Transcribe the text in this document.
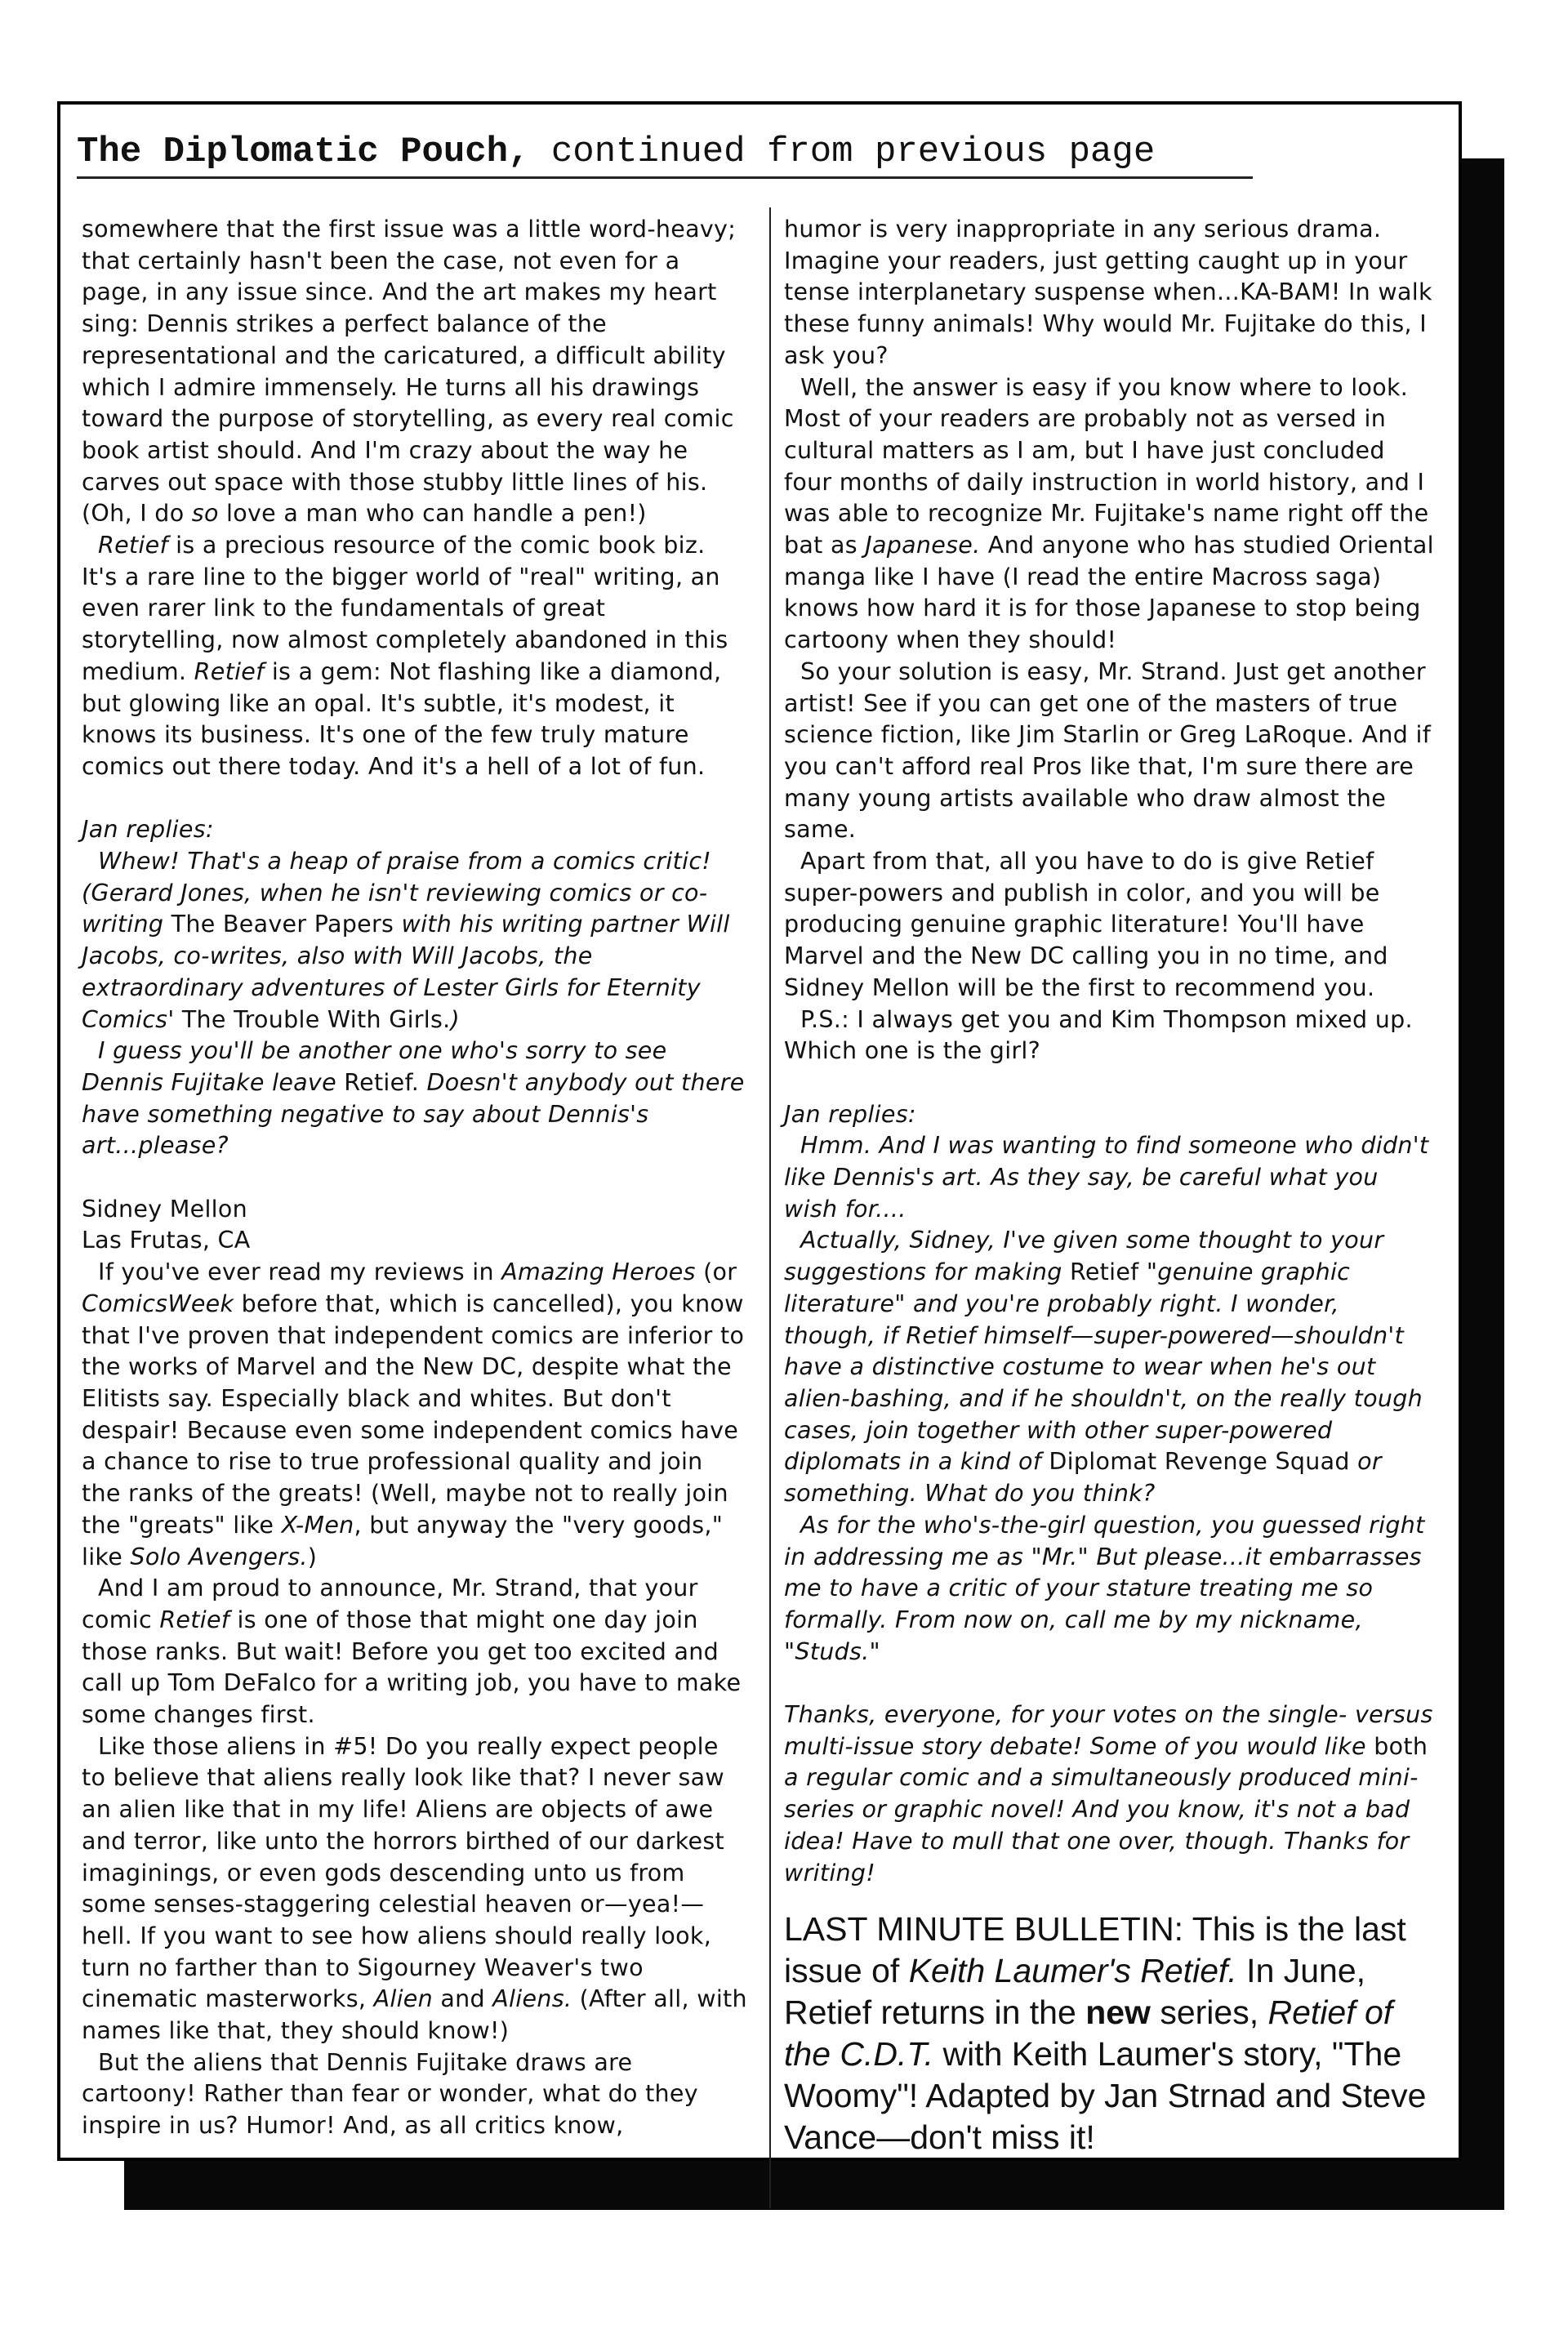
The Diplomatic Pouch, continued from previous page

somewhere that the first issue was a little word-heavy; that certainly hasn't been the case, not even for a page, in any issue since. And the art makes my heart sing: Dennis strikes a perfect balance of the representational and the caricatured, a difficult ability which I admire immensely. He turns all his drawings toward the purpose of storytelling, as every real comic book artist should. And I'm crazy about the way he carves out space with those stubby little lines of his. (Oh, I do so love a man who can handle a pen!)

Retief is a precious resource of the comic book biz. It's a rare line to the bigger world of "real" writing, an even rarer link to the fundamentals of great storytelling, now almost completely abandoned in this medium. Retief is a gem: Not flashing like a diamond, but glowing like an opal. It's subtle, it's modest, it knows its business. It's one of the few truly mature comics out there today. And it's a hell of a lot of fun.

Jan replies:

Whew! That's a heap of praise from a comics critic! (Gerard Jones, when he isn't reviewing comics or co-writing The Beaver Papers with his writing partner Will Jacobs, co-writes, also with Will Jacobs, the extraordinary adventures of Lester Girls for Eternity Comics' The Trouble With Girls.)

I guess you'll be another one who's sorry to see Dennis Fujitake leave Retief. Doesn't anybody out there have something negative to say about Dennis's art...please?

Sidney Mellon

Las Frutas, CA

If you've ever read my reviews in Amazing Heroes (or ComicsWeek before that, which is cancelled), you know that I've proven that independent comics are inferior to the works of Marvel and the New DC, despite what the Elitists say. Especially black and whites. But don't despair! Because even some independent comics have a chance to rise to true professional quality and join the ranks of the greats! (Well, maybe not to really join the "greats" like X-Men, but anyway the "very goods," like Solo Avengers.)

And I am proud to announce, Mr. Strand, that your comic Retief is one of those that might one day join those ranks. But wait! Before you get too excited and call up Tom DeFalco for a writing job, you have to make some changes first.

Like those aliens in #5! Do you really expect people to believe that aliens really look like that? I never saw an alien like that in my life! Aliens are objects of awe and terror, like unto the horrors birthed of our darkest imaginings, or even gods descending unto us from some senses-staggering celestial heaven or—yea!—hell. If you want to see how aliens should really look, turn no farther than to Sigourney Weaver's two cinematic masterworks, Alien and Aliens. (After all, with names like that, they should know!)

But the aliens that Dennis Fujitake draws are cartoony! Rather than fear or wonder, what do they inspire in us? Humor! And, as all critics know,

humor is very inappropriate in any serious drama. Imagine your readers, just getting caught up in your tense interplanetary suspense when...KA-BAM! In walk these funny animals! Why would Mr. Fujitake do this, I ask you?

Well, the answer is easy if you know where to look. Most of your readers are probably not as versed in cultural matters as I am, but I have just concluded four months of daily instruction in world history, and I was able to recognize Mr. Fujitake's name right off the bat as Japanese. And anyone who has studied Oriental manga like I have (I read the entire Macross saga) knows how hard it is for those Japanese to stop being cartoony when they should!

So your solution is easy, Mr. Strand. Just get another artist! See if you can get one of the masters of true science fiction, like Jim Starlin or Greg LaRoque. And if you can't afford real Pros like that, I'm sure there are many young artists available who draw almost the same.

Apart from that, all you have to do is give Retief super-powers and publish in color, and you will be producing genuine graphic literature! You'll have Marvel and the New DC calling you in no time, and Sidney Mellon will be the first to recommend you.

P.S.: I always get you and Kim Thompson mixed up. Which one is the girl?

Jan replies:

Hmm. And I was wanting to find someone who didn't like Dennis's art. As they say, be careful what you wish for....

Actually, Sidney, I've given some thought to your suggestions for making Retief "genuine graphic literature" and you're probably right. I wonder, though, if Retief himself—super-powered—shouldn't have a distinctive costume to wear when he's out alien-bashing, and if he shouldn't, on the really tough cases, join together with other super-powered diplomats in a kind of Diplomat Revenge Squad or something. What do you think?

As for the who's-the-girl question, you guessed right in addressing me as "Mr." But please...it embarrasses me to have a critic of your stature treating me so formally. From now on, call me by my nickname, "Studs."

Thanks, everyone, for your votes on the single- versus multi-issue story debate! Some of you would like both a regular comic and a simultaneously produced mini-series or graphic novel! And you know, it's not a bad idea! Have to mull that one over, though. Thanks for writing!

LAST MINUTE BULLETIN: This is the last issue of Keith Laumer's Retief. In June, Retief returns in the new series, Retief of the C.D.T. with Keith Laumer's story, "The Woomy"! Adapted by Jan Strnad and Steve Vance—don't miss it!
